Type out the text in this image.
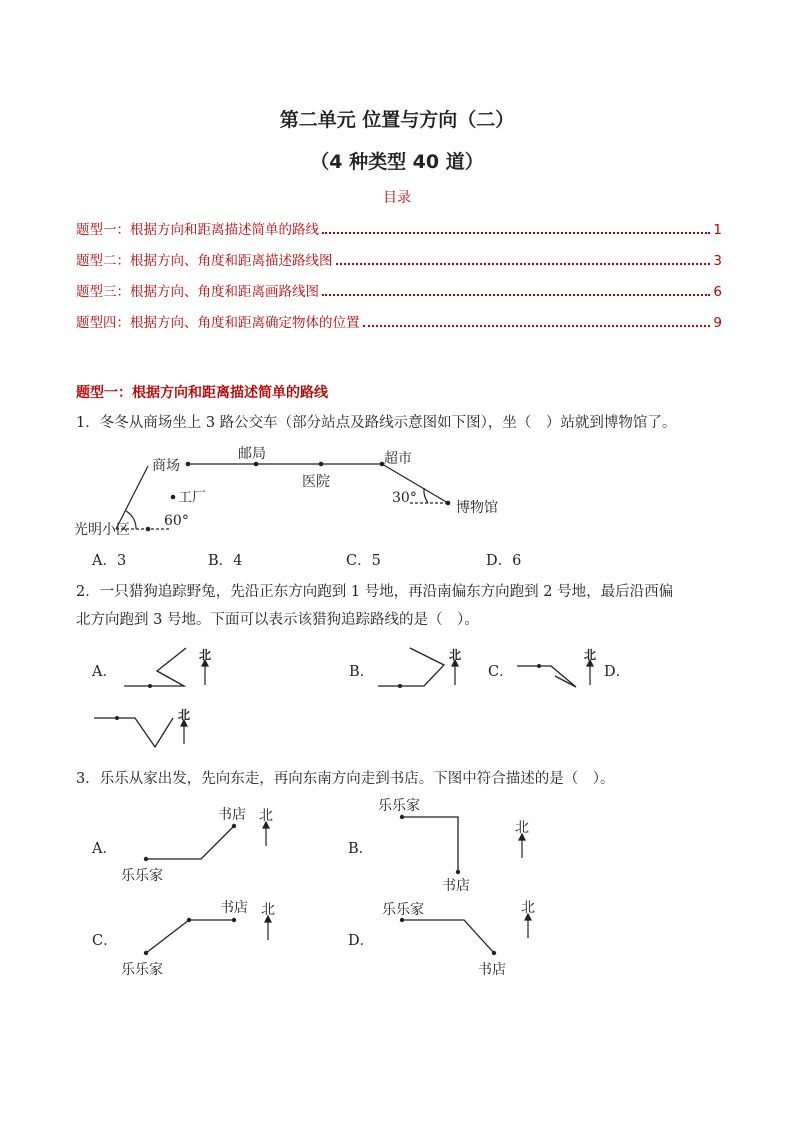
第二单元 位置与方向（二）
（4 种类型 40 道）
目录
题型一：根据方向和距离描述简单的路线	1
题型二：根据方向、角度和距离描述路线图	3
题型三：根据方向、角度和距离画路线图	6
题型四：根据方向、角度和距离确定物体的位置	9
题型一：根据方向和距离描述简单的路线
1．冬冬从商场坐上 3 路公交车（部分站点及路线示意图如下图），坐（　）站就到博物馆了。
商场
邮局	超市
医院
工厂
博物馆
光明小区
60°
30°
A．3	B．4	C．5	D．6
2．一只猎狗追踪野兔，先沿正东方向跑到 1 号地，再沿南偏东方向跑到 2 号地，最后沿西偏
北方向跑到 3 号地。下面可以表示该猎狗追踪路线的是（　）。
A．	B．	C．	D．
北	北	北
北
3．乐乐从家出发，先向东走，再向东南方向走到书店。下图中符合描述的是（　）。
A．	B．
C．	D．
北
北
北	北
书店
乐乐家
乐乐家
书店
书店
乐乐家
乐乐家
书店
